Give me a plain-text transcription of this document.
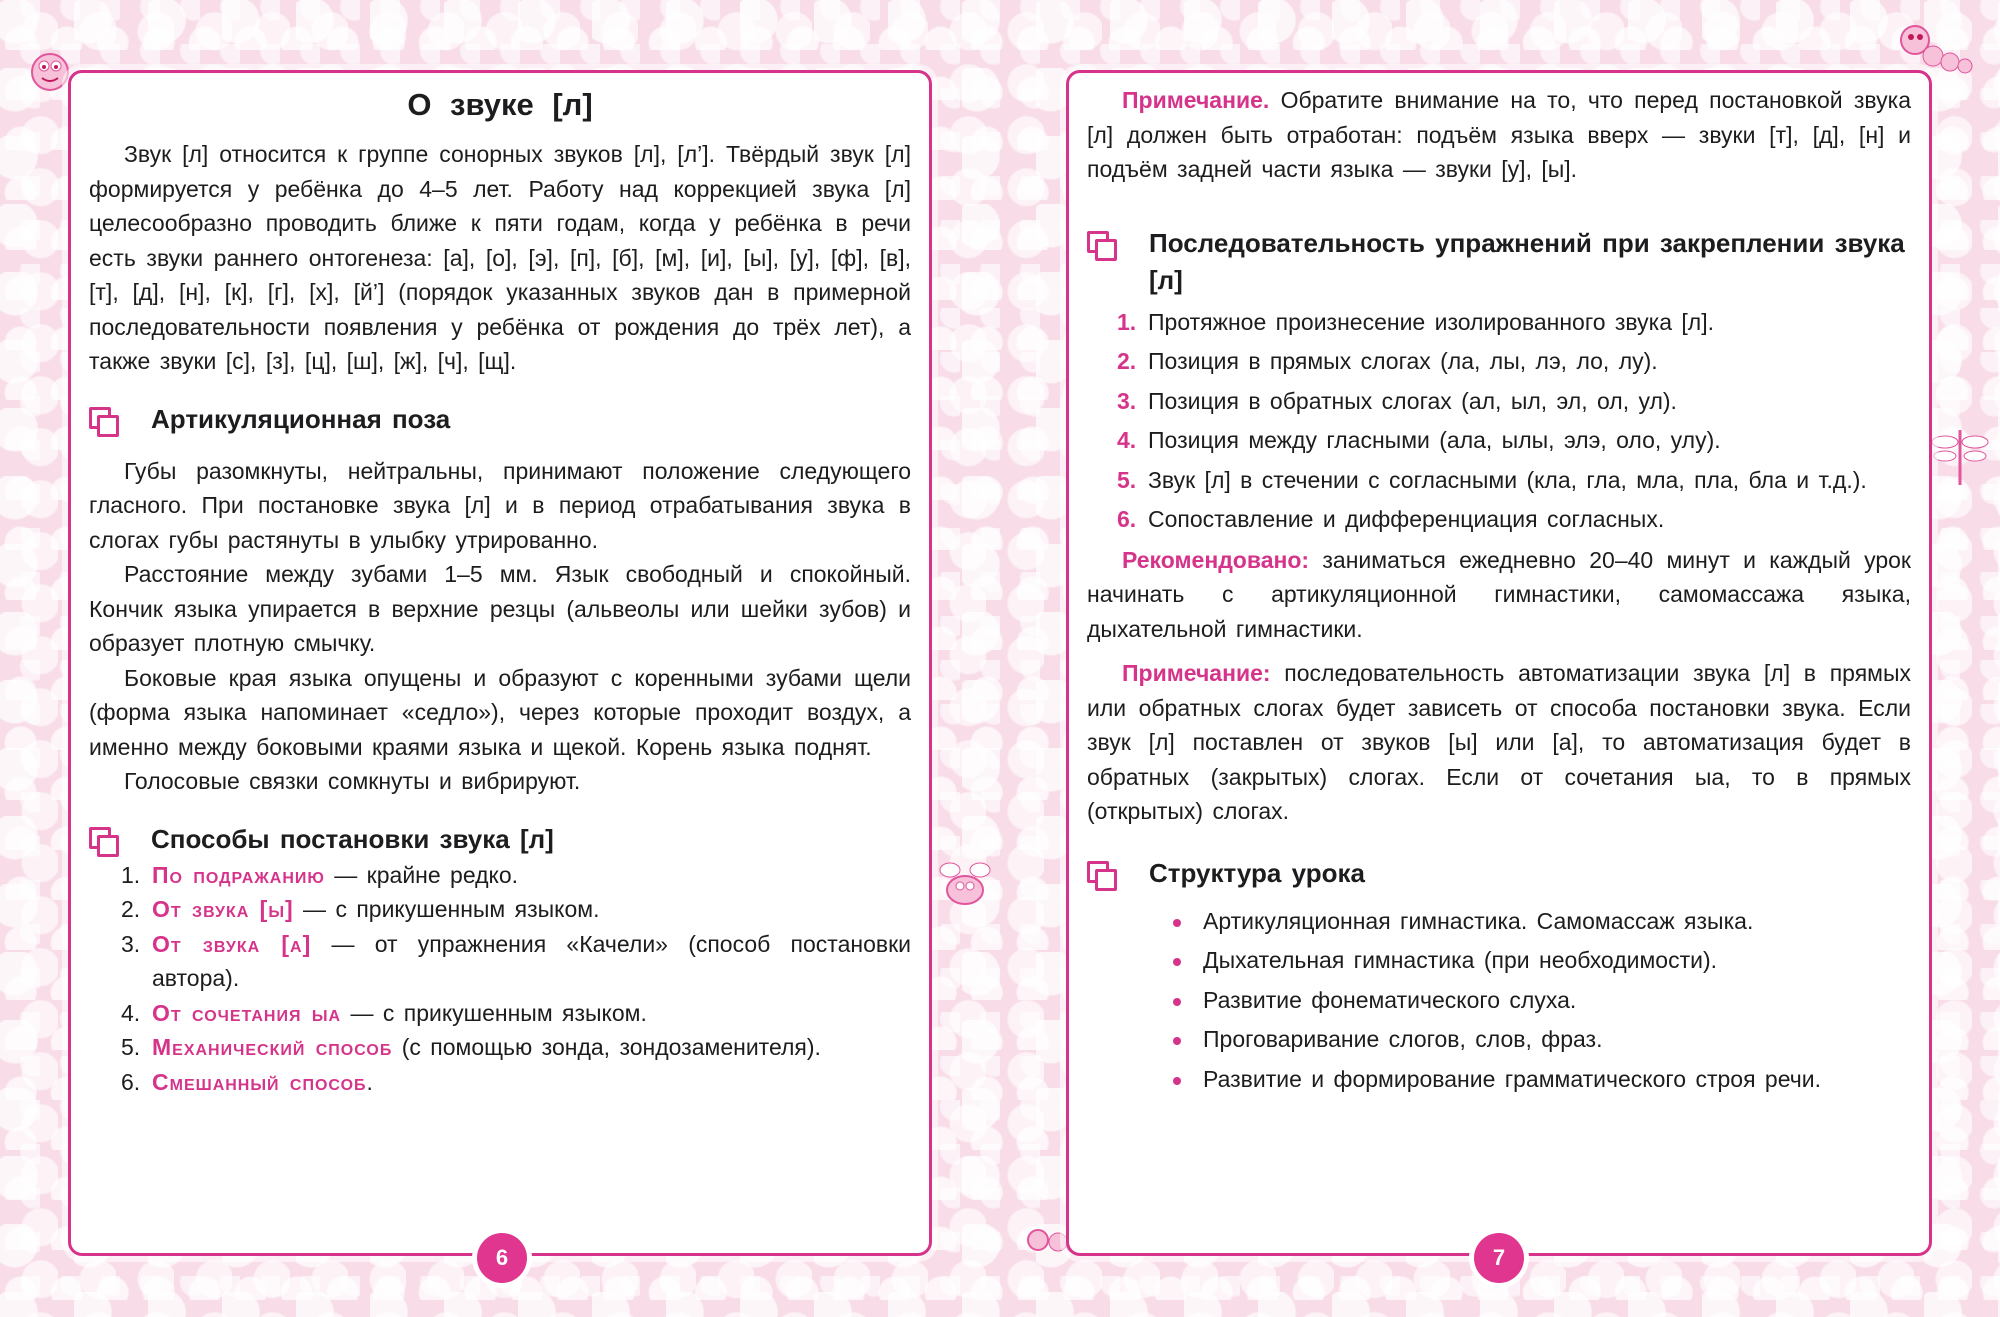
О звуке [л]

Звук [л] относится к группе сонорных звуков [л], [л’]. Твёрдый звук [л] формируется у ребёнка до 4–5 лет. Работу над коррекцией звука [л] целесообразно проводить ближе к пяти годам, когда у ребёнка в речи есть звуки раннего онтогенеза: [а], [о], [э], [п], [б], [м], [и], [ы], [у], [ф], [в], [т], [д], [н], [к], [г], [х], [й’] (порядок указанных звуков дан в примерной последовательности появления у ребёнка от рождения до трёх лет), а также звуки [с], [з], [ц], [ш], [ж], [ч], [щ].

Артикуляционная поза

Губы разомкнуты, нейтральны, принимают положение следующего гласного. При постановке звука [л] и в период отрабатывания звука в слогах губы растянуты в улыбку утрированно.

Расстояние между зубами 1–5 мм. Язык свободный и спокойный. Кончик языка упирается в верхние резцы (альвеолы или шейки зубов) и образует плотную смычку.

Боковые края языка опущены и образуют с коренными зубами щели (форма языка напоминает «седло»), через которые проходит воздух, а именно между боковыми краями языка и щекой. Корень языка поднят.

Голосовые связки сомкнуты и вибрируют.

Способы постановки звука [л]
1. По подражанию — крайне редко.
2. От звука [ы] — с прикушенным языком.
3. От звука [а] — от упражнения «Качели» (способ постановки автора).
4. От сочетания ыа — с прикушенным языком.
5. Механический способ (с помощью зонда, зондозаменителя).
6. Смешанный способ.
6

Примечание. Обратите внимание на то, что перед постановкой звука [л] должен быть отработан: подъём языка вверх — звуки [т], [д], [н] и подъём задней части языка — звуки [у], [ы].

Последовательность упражнений при закреплении звука [л]
1. Протяжное произнесение изолированного звука [л].
2. Позиция в прямых слогах (ла, лы, лэ, ло, лу).
3. Позиция в обратных слогах (ал, ыл, эл, ол, ул).
4. Позиция между гласными (ала, ылы, элэ, оло, улу).
5. Звук [л] в стечении с согласными (кла, гла, мла, пла, бла и т.д.).
6. Сопоставление и дифференциация согласных.

Рекомендовано: заниматься ежедневно 20–40 минут и каждый урок начинать с артикуляционной гимнастики, самомассажа языка, дыхательной гимнастики.

Примечание: последовательность автоматизации звука [л] в прямых или обратных слогах будет зависеть от способа постановки звука. Если звук [л] поставлен от звуков [ы] или [а], то автоматизация будет в обратных (закрытых) слогах. Если от сочетания ыа, то в прямых (открытых) слогах.

Структура урока
Артикуляционная гимнастика. Самомассаж языка.
Дыхательная гимнастика (при необходимости).
Развитие фонематического слуха.
Проговаривание слогов, слов, фраз.
Развитие и формирование грамматического строя речи.
7
